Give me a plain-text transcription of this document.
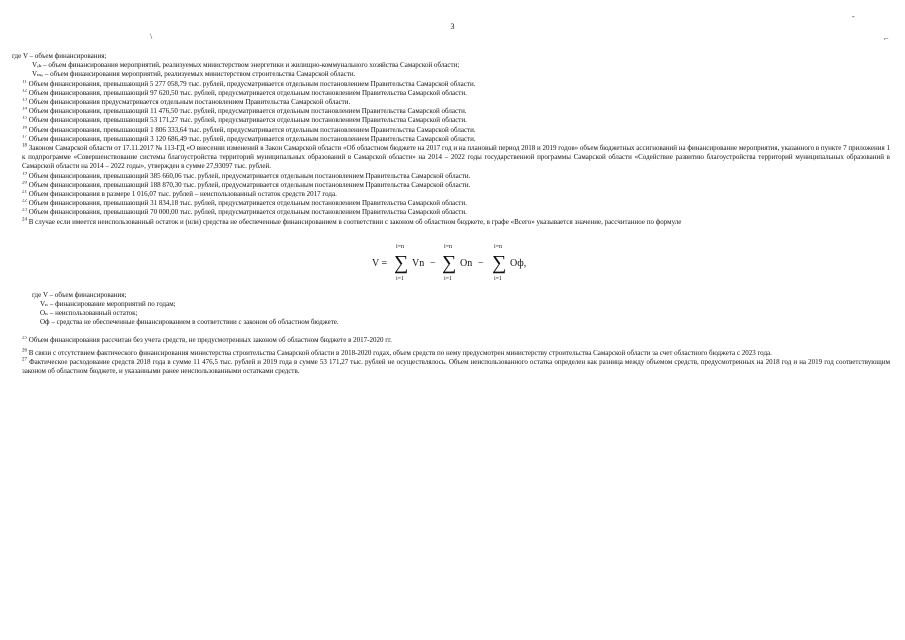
3
\
-
⌐
где V – объем финансирования;
Vₑₖ – объем финансирования мероприятий, реализуемых министерством энергетики и жилищно-коммунального хозяйства Самарской области;
Vₘₑ – объем финансирования мероприятий, реализуемых министерством строительства Самарской области.
$^{11}$ Объем финансирования, превышающий 5 277 058,79 тыс. рублей, предусматривается отдельным постановлением Правительства Самарской области.
$^{12}$ Объем финансирования, превышающий 97 620,50 тыс. рублей, предусматривается отдельным постановлением Правительства Самарской области.
$^{13}$ Объем финансирования предусматривается отдельным постановлением Правительства Самарской области.
$^{14}$ Объем финансирования, превышающий 11 476,50 тыс. рублей, предусматривается отдельным постановлением Правительства Самарской области.
$^{15}$ Объем финансирования, превышающий 53 171,27 тыс. рублей, предусматривается отдельным постановлением Правительства Самарской области.
$^{16}$ Объем финансирования, превышающий 1 806 333,64 тыс. рублей, предусматривается отдельным постановлением Правительства Самарской области.
$^{17}$ Объем финансирования, превышающий 3 120 686,49 тыс. рублей, предусматривается отдельным постановлением Правительства Самарской области.
$^{18}$ Законом Самарской области от 17.11.2017 № 113-ГД «О внесении изменений в Закон Самарской области «Об областном бюджете на 2017 год и на плановый период 2018 и 2019 годов» объем бюджетных ассигнований на финансирование мероприятия, указанного в пункте 7 приложения 1 к подпрограмме «Совершенствование системы благоустройства территорий муниципальных образований в Самарской области» на 2014 – 2022 годы государственной программы Самарской области «Содействие развитию благоустройства территорий муниципальных образований в Самарской области на 2014 – 2022 годы», утвержден в сумме 27,93097 тыс. рублей.
$^{19}$ Объем финансирования, превышающий 385 660,06 тыс. рублей, предусматривается отдельным постановлением Правительства Самарской области.
$^{20}$ Объем финансирования, превышающий 188 870,30 тыс. рублей, предусматривается отдельным постановлением Правительства Самарской области.
$^{21}$ Объем финансирования в размере 1 016,07 тыс. рублей – неиспользованный остаток средств 2017 года.
$^{22}$ Объем финансирования, превышающий 31 834,18 тыс. рублей, предусматривается отдельным постановлением Правительства Самарской области.
$^{23}$ Объем финансирования, превышающий 70 000,00 тыс. рублей, предусматривается отдельным постановлением Правительства Самарской области.
$^{24}$ В случае если имеется неиспользованный остаток и (или) средства не обеспеченные финансированием в соответствии с законом об областном бюджете, в графе «Всего» указывается значение, рассчитанное по формуле
V =
i=n
∑
i=1
Vn −
i=n
∑
i=1
On −
i=n
∑
i=1
Oф,
где V – объем финансирования;
Vₙ – финансирование мероприятий по годам;
Oₙ – неиспользованный остаток;
Oф – средства не обеспеченные финансированием в соответствии с законом об областном бюджете.
$^{25}$ Объем финансирования рассчитан без учета средств, не предусмотренных законом об областном бюджете в 2017-2020 гг.
$^{26}$ В связи с отсутствием фактического финансирования министерства строительства Самарской области в 2018-2020 годах, объем средств по нему предусмотрен министерству строительства Самарской области за счет областного бюджета с 2023 года.
$^{27}$ Фактическое расходование средств 2018 года в сумме 11 476,5 тыс. рублей и 2019 года в сумме 53 171,27 тыс. рублей не осуществлялось. Объем неиспользованного остатка определен как разница между объемом средств, предусмотренных на 2018 год и на 2019 год соответствующим законом об областном бюджете, и указанными ранее неиспользованными остатками средств.
